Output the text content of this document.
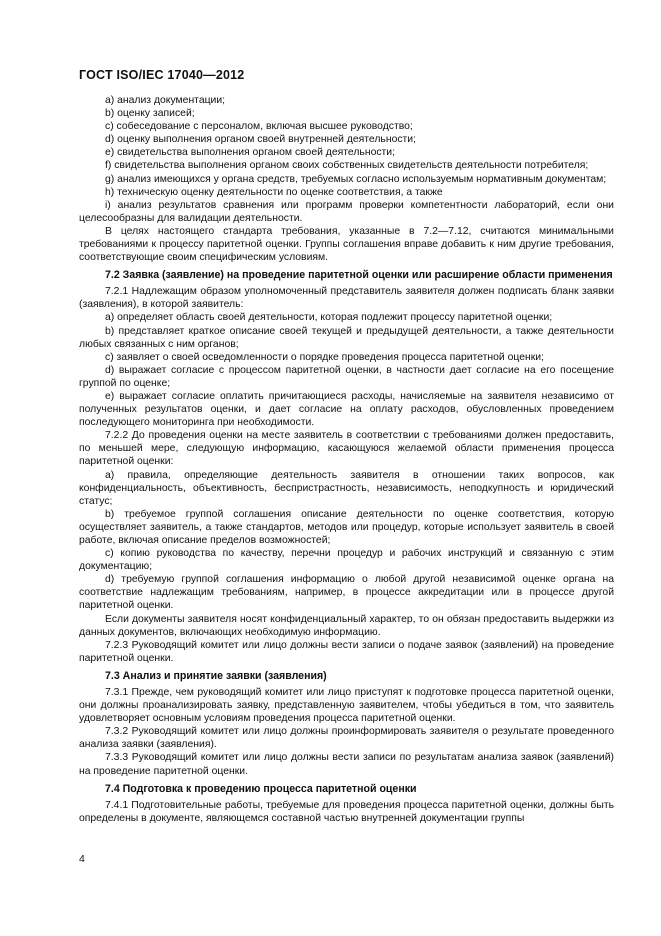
ГОСТ ISO/IEC 17040—2012

a) анализ документации;

b) оценку записей;

c) собеседование с персоналом, включая высшее руководство;

d) оценку выполнения органом своей внутренней деятельности;

e) свидетельства выполнения органом своей деятельности;

f) свидетельства выполнения органом своих собственных свидетельств деятельности потребителя;

g) анализ имеющихся у органа средств, требуемых согласно используемым нормативным документам;

h) техническую оценку деятельности по оценке соответствия, а также

i) анализ результатов сравнения или программ проверки компетентности лабораторий, если они целесообразны для валидации деятельности.

В целях настоящего стандарта требования, указанные в 7.2—7.12, считаются минимальными требованиями к процессу паритетной оценки. Группы соглашения вправе добавить к ним другие требования, соответствующие своим специфическим условиям.

7.2 Заявка (заявление) на проведение паритетной оценки или расширение области применения

7.2.1 Надлежащим образом уполномоченный представитель заявителя должен подписать бланк заявки (заявления), в которой заявитель:

a) определяет область своей деятельности, которая подлежит процессу паритетной оценки;

b) представляет краткое описание своей текущей и предыдущей деятельности, а также деятельности любых связанных с ним органов;

c) заявляет о своей осведомленности о порядке проведения процесса паритетной оценки;

d) выражает согласие с процессом паритетной оценки, в частности дает согласие на его посещение группой по оценке;

e) выражает согласие оплатить причитающиеся расходы, начисляемые на заявителя независимо от полученных результатов оценки, и дает согласие на оплату расходов, обусловленных проведением последующего мониторинга при необходимости.

7.2.2 До проведения оценки на месте заявитель в соответствии с требованиями должен предоставить, по меньшей мере, следующую информацию, касающуюся желаемой области применения процесса паритетной оценки:

a) правила, определяющие деятельность заявителя в отношении таких вопросов, как конфиденциальность, объективность, беспристрастность, независимость, неподкупность и юридический статус;

b) требуемое группой соглашения описание деятельности по оценке соответствия, которую осуществляет заявитель, а также стандартов, методов или процедур, которые использует заявитель в своей работе, включая описание пределов возможностей;

c) копию руководства по качеству, перечни процедур и рабочих инструкций и связанную с этим документацию;

d) требуемую группой соглашения информацию о любой другой независимой оценке органа на соответствие надлежащим требованиям, например, в процессе аккредитации или в процессе другой паритетной оценки.

Если документы заявителя носят конфиденциальный характер, то он обязан предоставить выдержки из данных документов, включающих необходимую информацию.

7.2.3 Руководящий комитет или лицо должны вести записи о подаче заявок (заявлений) на проведение паритетной оценки.

7.3 Анализ и принятие заявки (заявления)

7.3.1 Прежде, чем руководящий комитет или лицо приступят к подготовке процесса паритетной оценки, они должны проанализировать заявку, представленную заявителем, чтобы убедиться в том, что заявитель удовлетворяет основным условиям проведения процесса паритетной оценки.

7.3.2 Руководящий комитет или лицо должны проинформировать заявителя о результате проведенного анализа заявки (заявления).

7.3.3 Руководящий комитет или лицо должны вести записи по результатам анализа заявок (заявлений) на проведение паритетной оценки.

7.4 Подготовка к проведению процесса паритетной оценки

7.4.1 Подготовительные работы, требуемые для проведения процесса паритетной оценки, должны быть определены в документе, являющемся составной частью внутренней документации группы

4
